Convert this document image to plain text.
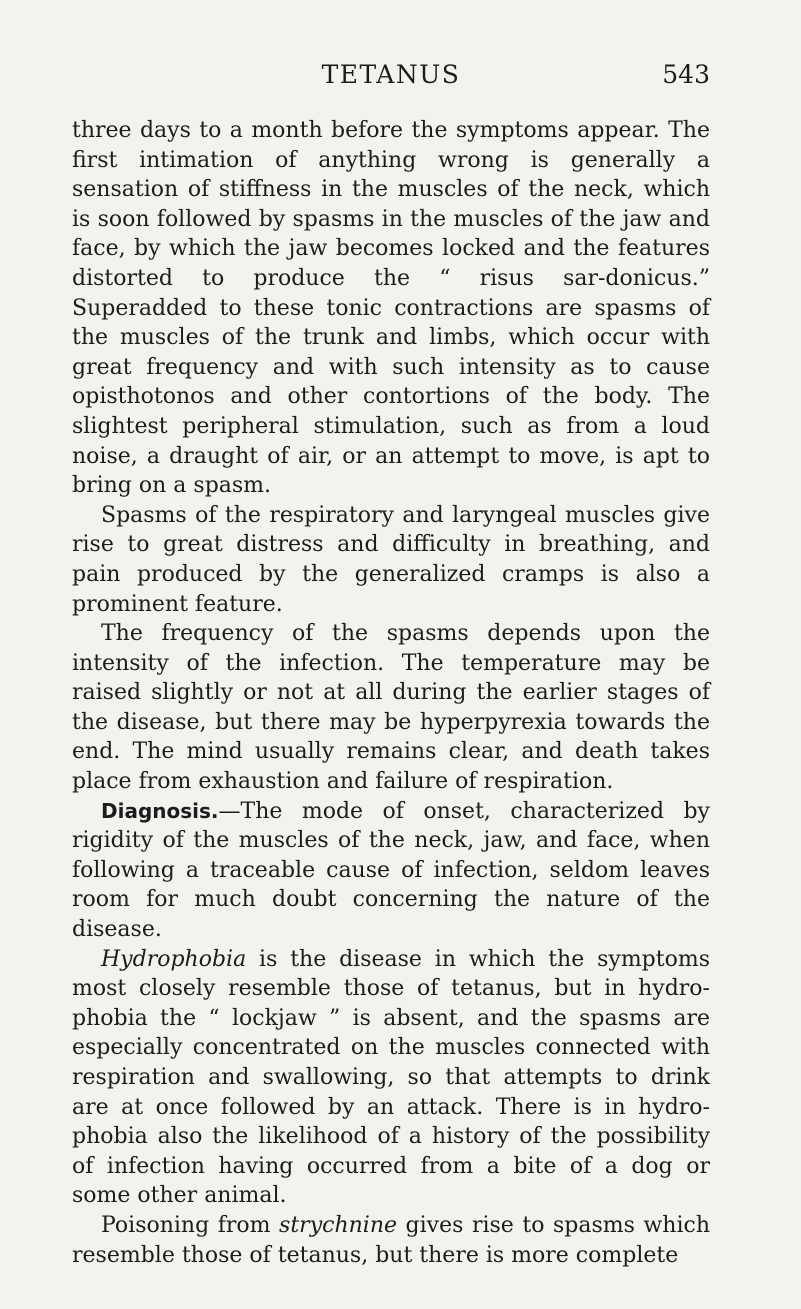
TETANUS	543

three days to a month before the symptoms appear. The first intimation of anything wrong is generally a sensation of stiffness in the muscles of the neck, which is soon followed by spasms in the muscles of the jaw and face, by which the jaw becomes locked and the features distorted to produce the “ risus sar-donicus.” Superadded to these tonic contractions are spasms of the muscles of the trunk and limbs, which occur with great frequency and with such intensity as to cause opisthotonos and other contortions of the body. The slightest peripheral stimulation, such as from a loud noise, a draught of air, or an attempt to move, is apt to bring on a spasm.

Spasms of the respiratory and laryngeal muscles give rise to great distress and difficulty in breathing, and pain produced by the generalized cramps is also a prominent feature.

The frequency of the spasms depends upon the intensity of the infection. The temperature may be raised slightly or not at all during the earlier stages of the disease, but there may be hyperpyrexia towards the end. The mind usually remains clear, and death takes place from exhaustion and failure of respiration.

Diagnosis.—The mode of onset, characterized by rigidity of the muscles of the neck, jaw, and face, when following a traceable cause of infection, seldom leaves room for much doubt concerning the nature of the disease.

Hydrophobia is the disease in which the symptoms most closely resemble those of tetanus, but in hydro-phobia the “ lockjaw ” is absent, and the spasms are especially concentrated on the muscles connected with respiration and swallowing, so that attempts to drink are at once followed by an attack. There is in hydro-phobia also the likelihood of a history of the possibility of infection having occurred from a bite of a dog or some other animal.

Poisoning from strychnine gives rise to spasms which resemble those of tetanus, but there is more complete
